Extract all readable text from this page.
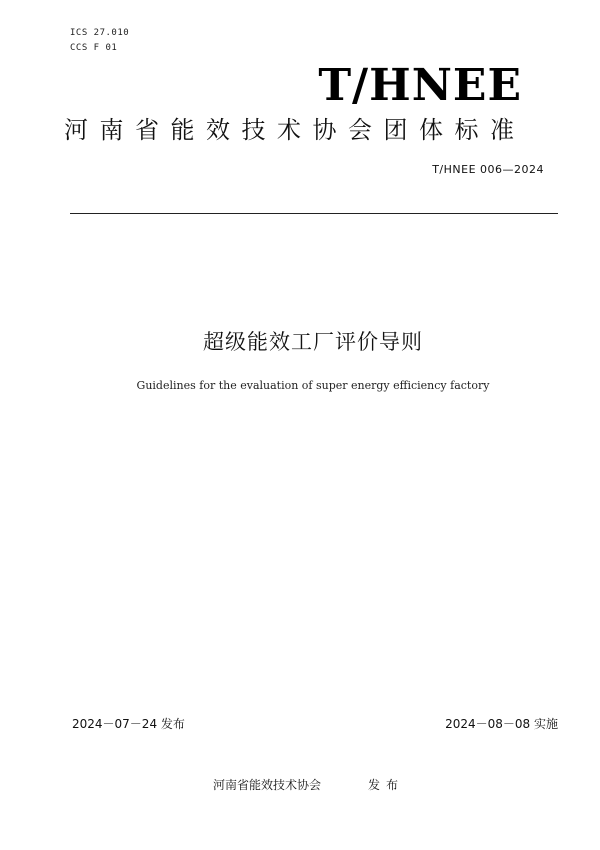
ICS 27.010
CCS F 01
T/HNEE
河南省能效技术协会团体标准
T/HNEE 006—2024
超级能效工厂评价导则
Guidelines for the evaluation of super energy efficiency factory
2024－07－24 发布	2024－08－08 实施
河南省能效技术协会	发布
